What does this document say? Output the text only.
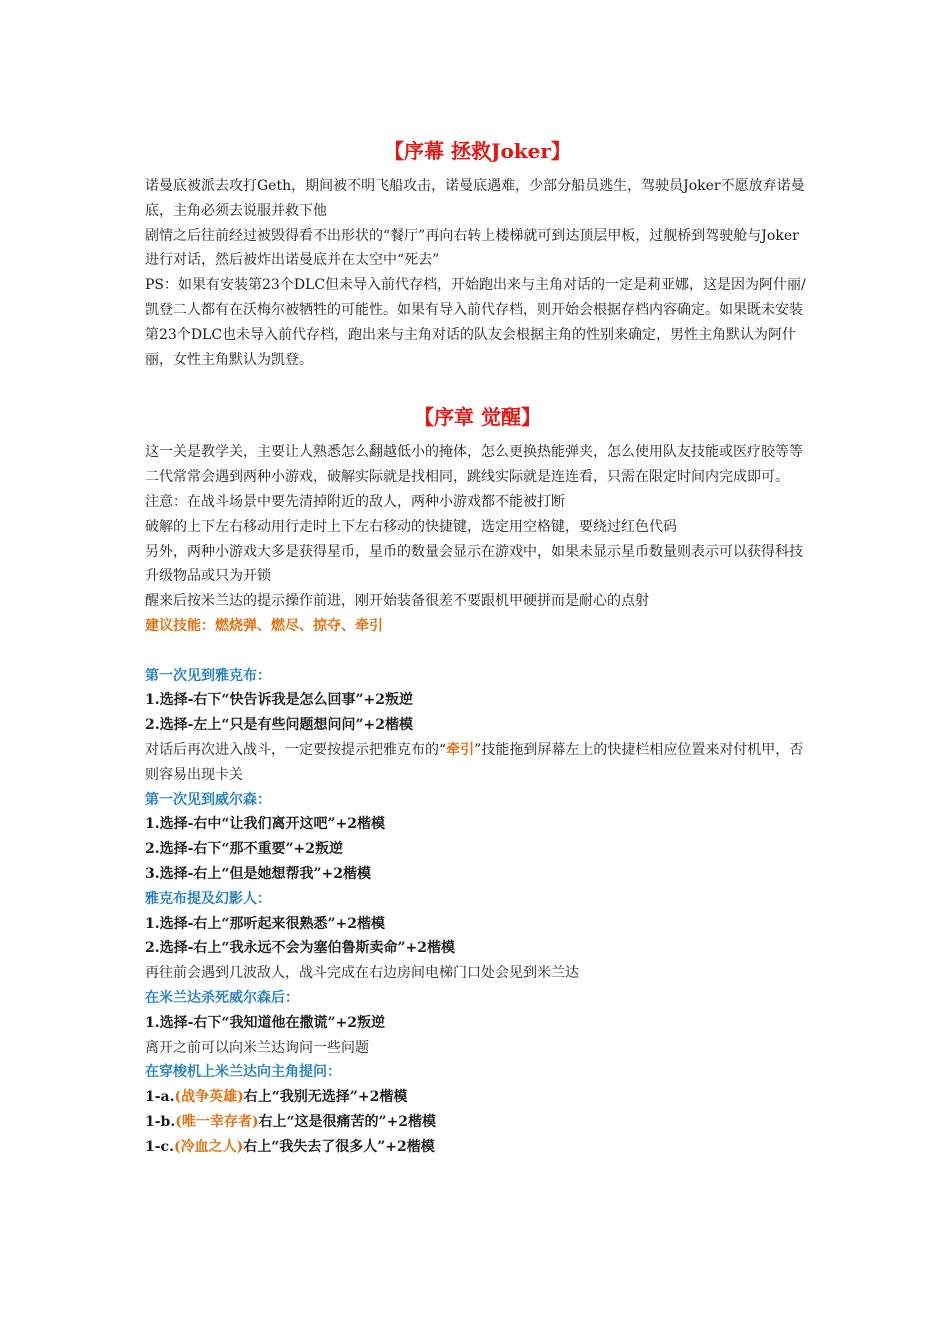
【序幕 拯救Joker】

诺曼底被派去攻打Geth，期间被不明飞船攻击，诺曼底遇难，少部分船员逃生，驾驶员Joker不愿放弃诺曼底，主角必须去说服并救下他

剧情之后往前经过被毁得看不出形状的“餐厅”再向右转上楼梯就可到达顶层甲板，过舰桥到驾驶舱与Joker进行对话，然后被炸出诺曼底并在太空中“死去”

PS：如果有安装第23个DLC但未导入前代存档，开始跑出来与主角对话的一定是莉亚娜，这是因为阿什丽/凯登二人都有在沃梅尔被牺牲的可能性。如果有导入前代存档，则开始会根据存档内容确定。如果既未安装第23个DLC也未导入前代存档，跑出来与主角对话的队友会根据主角的性别来确定，男性主角默认为阿什丽，女性主角默认为凯登。

【序章 觉醒】

这一关是教学关，主要让人熟悉怎么翻越低小的掩体，怎么更换热能弹夹，怎么使用队友技能或医疗胶等等

二代常常会遇到两种小游戏，破解实际就是找相同，跳线实际就是连连看，只需在限定时间内完成即可。

注意：在战斗场景中要先清掉附近的敌人，两种小游戏都不能被打断

破解的上下左右移动用行走时上下左右移动的快捷键，选定用空格键，要绕过红色代码

另外，两种小游戏大多是获得星币，星币的数量会显示在游戏中，如果未显示星币数量则表示可以获得科技升级物品或只为开锁

醒来后按米兰达的提示操作前进，刚开始装备很差不要跟机甲硬拼而是耐心的点射

建议技能：燃烧弹、燃尽、掠夺、牵引

第一次见到雅克布：

1.选择-右下“快告诉我是怎么回事”+2叛逆

2.选择-左上“只是有些问题想问问”+2楷模

对话后再次进入战斗，一定要按提示把雅克布的“牵引”技能拖到屏幕左上的快捷栏相应位置来对付机甲，否则容易出现卡关

第一次见到威尔森：

1.选择-右中“让我们离开这吧”+2楷模

2.选择-右下“那不重要”+2叛逆

3.选择-右上“但是她想帮我”+2楷模

雅克布提及幻影人：

1.选择-右上“那听起来很熟悉”+2楷模

2.选择-右上“我永远不会为塞伯鲁斯卖命”+2楷模

再往前会遇到几波敌人，战斗完成在右边房间电梯门口处会见到米兰达

在米兰达杀死威尔森后：

1.选择-右下“我知道他在撒谎”+2叛逆

离开之前可以向米兰达询问一些问题

在穿梭机上米兰达向主角提问：

1-a.(战争英雄)右上“我别无选择”+2楷模

1-b.(唯一幸存者)右上“这是很痛苦的”+2楷模

1-c.(冷血之人)右上“我失去了很多人”+2楷模
